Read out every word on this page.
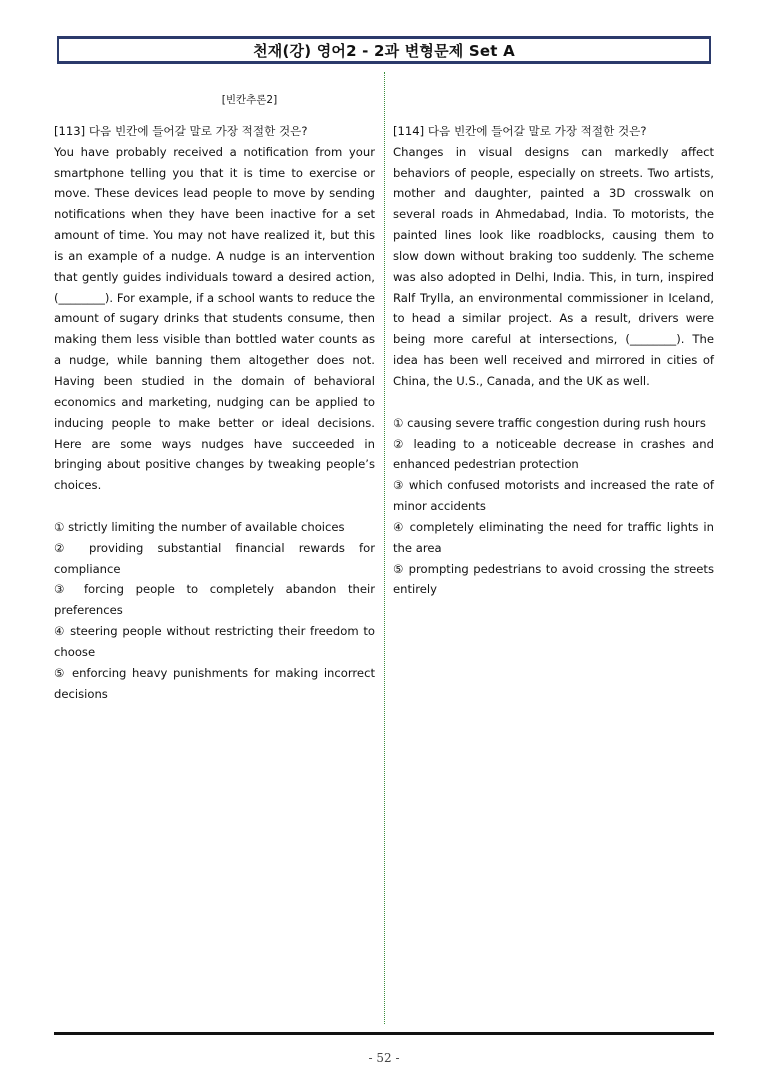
천재(강) 영어2 - 2과 변형문제 Set A
[빈칸추론2]

[113] 다음 빈칸에 들어갈 말로 가장 적절한 것은?

You have probably received a notification from your smartphone telling you that it is time to exercise or move. These devices lead people to move by sending notifications when they have been inactive for a set amount of time. You may not have realized it, but this is an example of a nudge. A nudge is an intervention that gently guides individuals toward a desired action, (________). For example, if a school wants to reduce the amount of sugary drinks that students consume, then making them less visible than bottled water counts as a nudge, while banning them altogether does not. Having been studied in the domain of behavioral economics and marketing, nudging can be applied to inducing people to make better or ideal decisions. Here are some ways nudges have succeeded in bringing about positive changes by tweaking people’s choices.

① strictly limiting the number of available choices

② providing substantial financial rewards for compliance

③ forcing people to completely abandon their preferences

④ steering people without restricting their freedom to choose

⑤ enforcing heavy punishments for making incorrect decisions

[114] 다음 빈칸에 들어갈 말로 가장 적절한 것은?

Changes in visual designs can markedly affect behaviors of people, especially on streets. Two artists, mother and daughter, painted a 3D crosswalk on several roads in Ahmedabad, India. To motorists, the painted lines look like roadblocks, causing them to slow down without braking too suddenly. The scheme was also adopted in Delhi, India. This, in turn, inspired Ralf Trylla, an environmental commissioner in Iceland, to head a similar project. As a result, drivers were being more careful at intersections, (________). The idea has been well received and mirrored in cities of China, the U.S., Canada, and the UK as well.

① causing severe traffic congestion during rush hours

② leading to a noticeable decrease in crashes and enhanced pedestrian protection

③ which confused motorists and increased the rate of minor accidents

④ completely eliminating the need for traffic lights in the area

⑤ prompting pedestrians to avoid crossing the streets entirely

- 52 -
